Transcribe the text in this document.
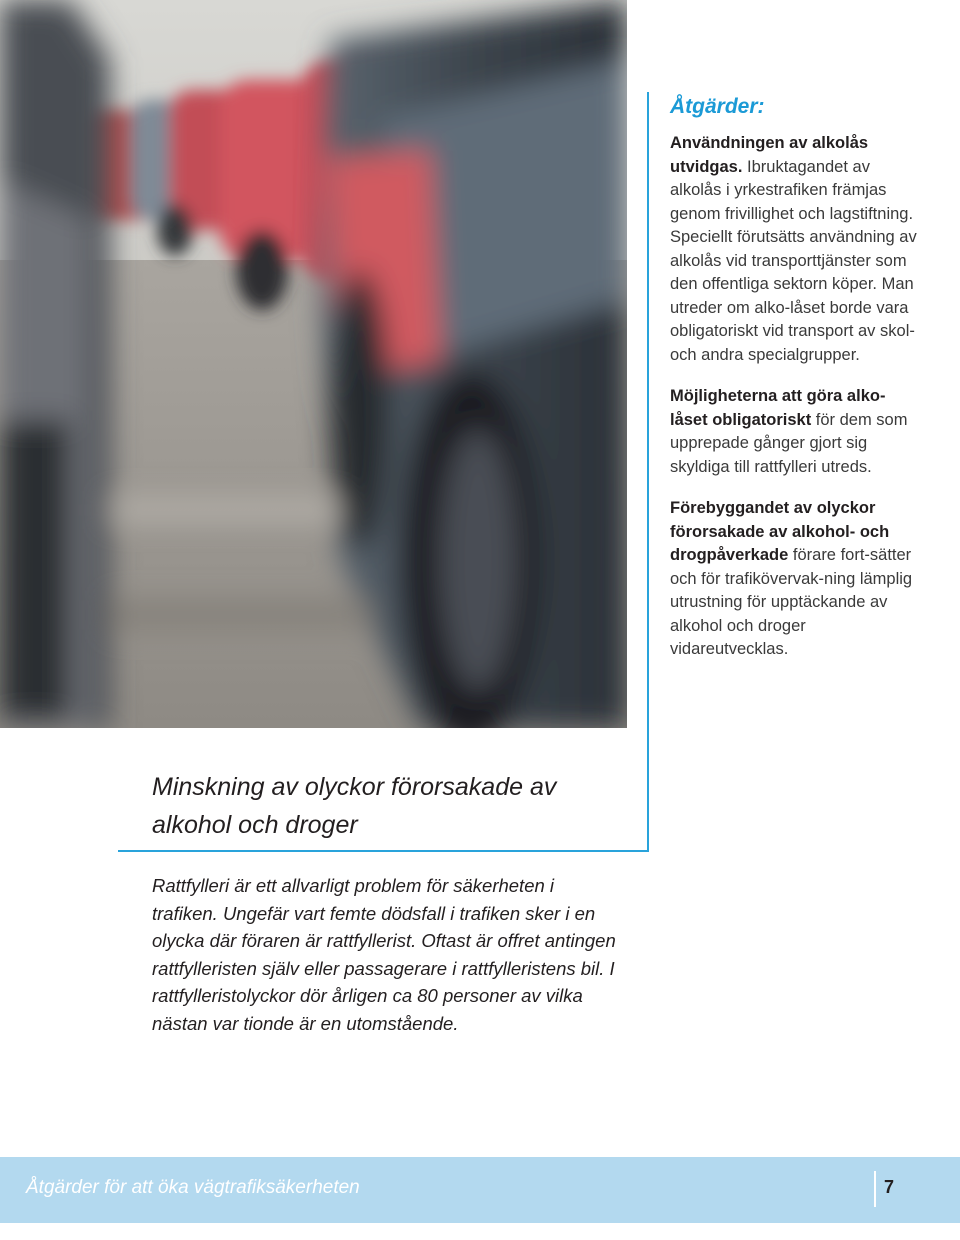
Åtgärder:

Användningen av alkolås utvidgas. Ibruktagandet av alkolås i yrkestrafiken främjas genom frivillighet och lagstiftning. Speciellt förutsätts användning av alkolås vid transporttjänster som den offentliga sektorn köper. Man utreder om alko-låset borde vara obligatoriskt vid transport av skol- och andra specialgrupper.

Möjligheterna att göra alko-låset obligatoriskt för dem som upprepade gånger gjort sig skyldiga till rattfylleri utreds.

Förebyggandet av olyckor förorsakade av alkohol- och drogpåverkade förare fort-sätter och för trafikövervak-ning lämplig utrustning för upptäckande av alkohol och droger vidareutvecklas.

Minskning av olyckor förorsakade av alkohol och droger

Rattfylleri är ett allvarligt problem för säkerheten i trafiken. Ungefär vart femte dödsfall i trafiken sker i en olycka där föraren är rattfyllerist. Oftast är offret antingen rattfylleristen själv eller passagerare i rattfylleristens bil. I rattfylleristolyckor dör årligen ca 80 personer av vilka nästan var tionde är en utomstående.

Åtgärder för att öka vägtrafiksäkerheten	7
